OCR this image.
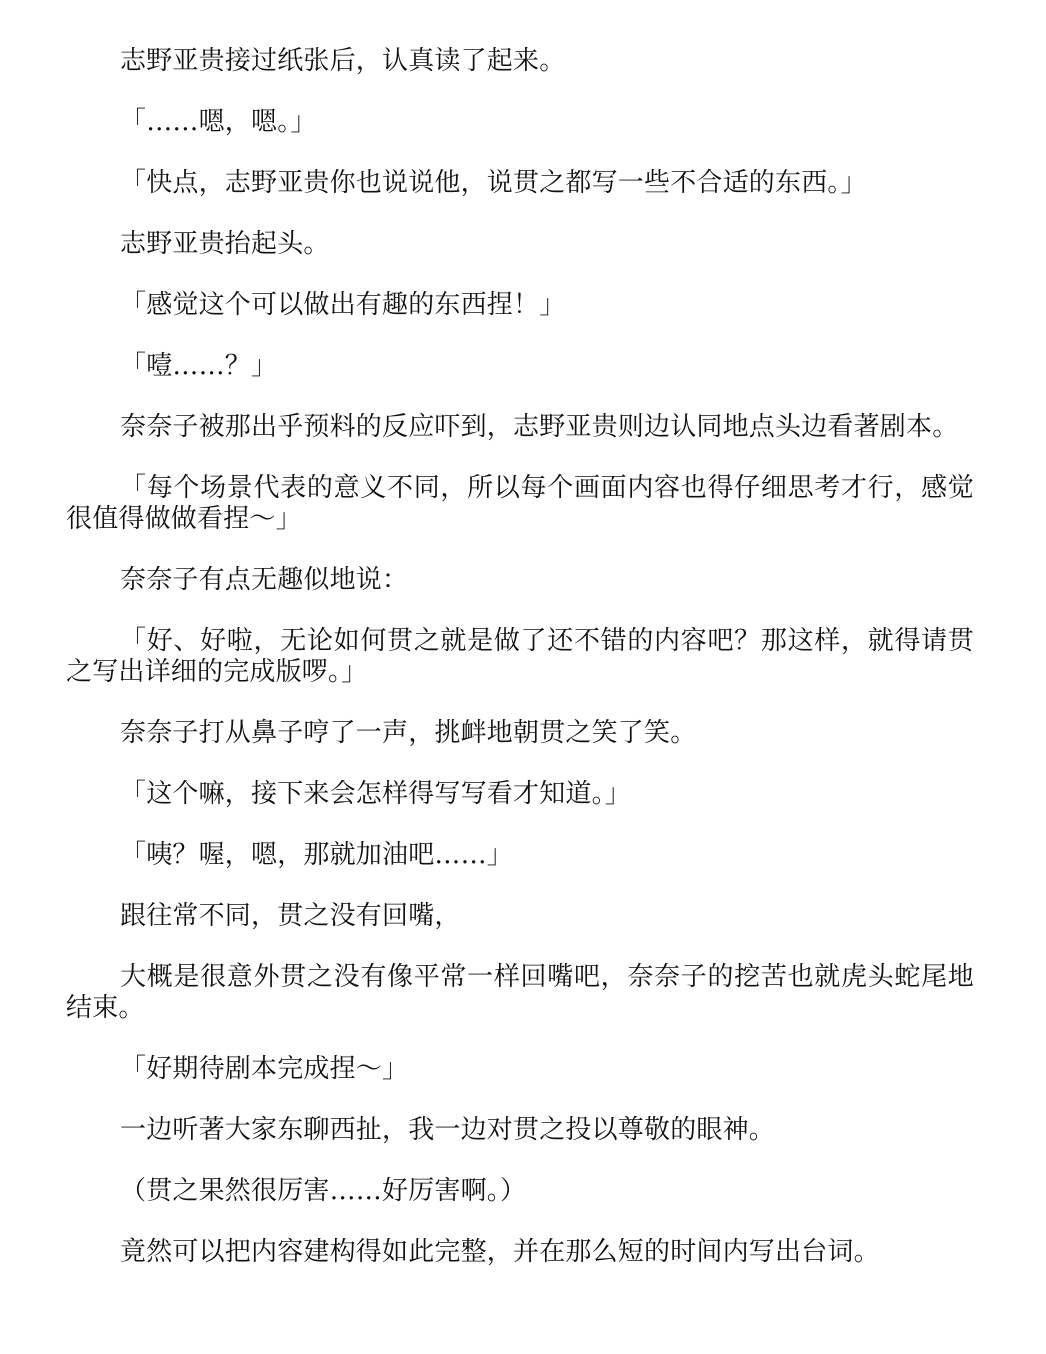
志野亚贵接过纸张后，认真读了起来。

「……嗯，嗯。」

「快点，志野亚贵你也说说他，说贯之都写一些不合适的东西。」

志野亚贵抬起头。

「感觉这个可以做出有趣的东西捏！」

「噎……？」

奈奈子被那出乎预料的反应吓到，志野亚贵则边认同地点头边看著剧本。

「每个场景代表的意义不同，所以每个画面内容也得仔细思考才行，感觉很值得做做看捏～」

奈奈子有点无趣似地说：

「好、好啦，无论如何贯之就是做了还不错的内容吧？那这样，就得请贯之写出详细的完成版啰。」

奈奈子打从鼻子哼了一声，挑衅地朝贯之笑了笑。

「这个嘛，接下来会怎样得写写看才知道。」

「咦？喔，嗯，那就加油吧……」

跟往常不同，贯之没有回嘴，

大概是很意外贯之没有像平常一样回嘴吧，奈奈子的挖苦也就虎头蛇尾地结束。

「好期待剧本完成捏～」

一边听著大家东聊西扯，我一边对贯之投以尊敬的眼神。

（贯之果然很厉害……好厉害啊。）

竟然可以把内容建构得如此完整，并在那么短的时间内写出台词。
